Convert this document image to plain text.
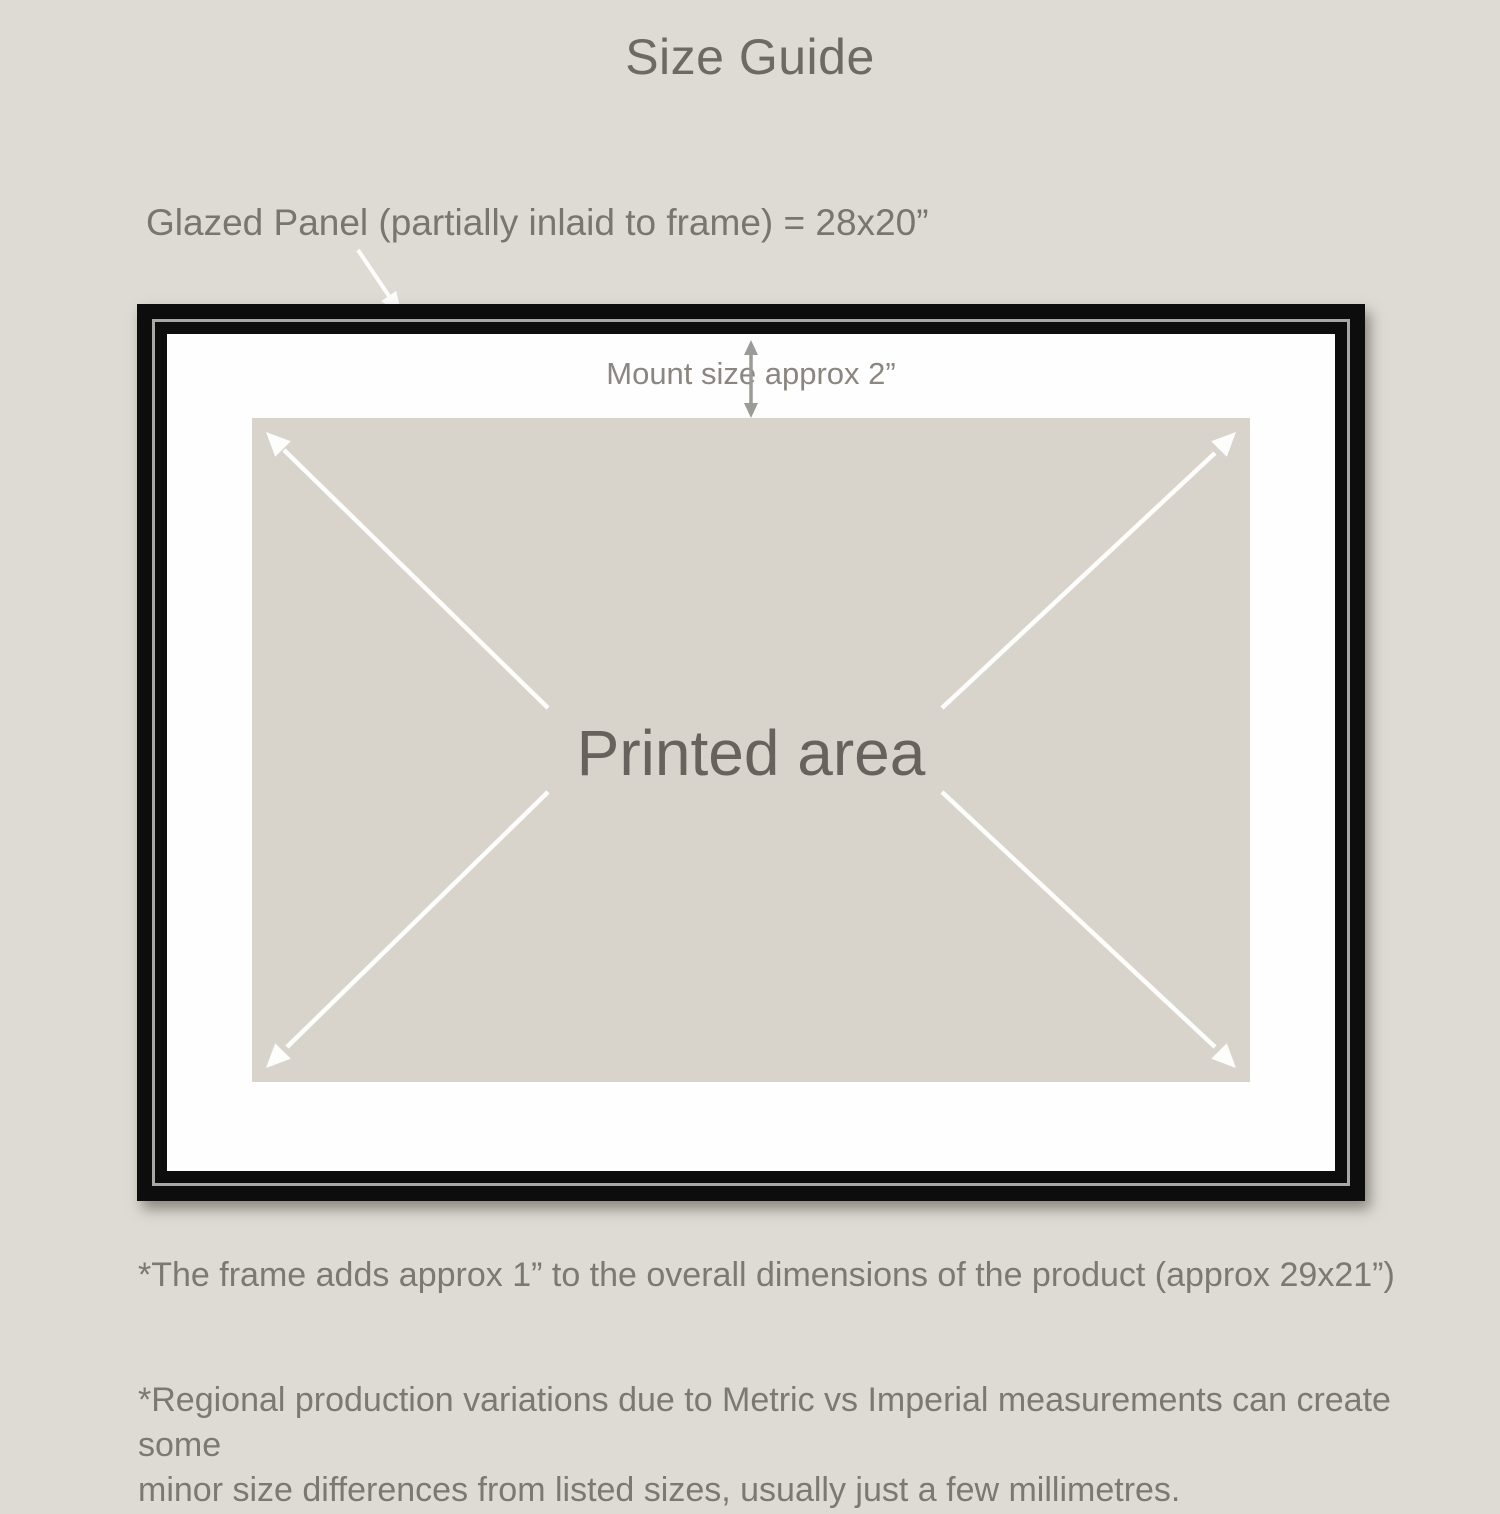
Size Guide
Glazed Panel (partially inlaid to frame) = 28x20”
Mount size approx 2”
Printed area
*The frame adds approx 1” to the overall dimensions of the product (approx 29x21”)
*Regional production variations due to Metric vs Imperial measurements can create some
minor size differences from listed sizes, usually just a few millimetres.
